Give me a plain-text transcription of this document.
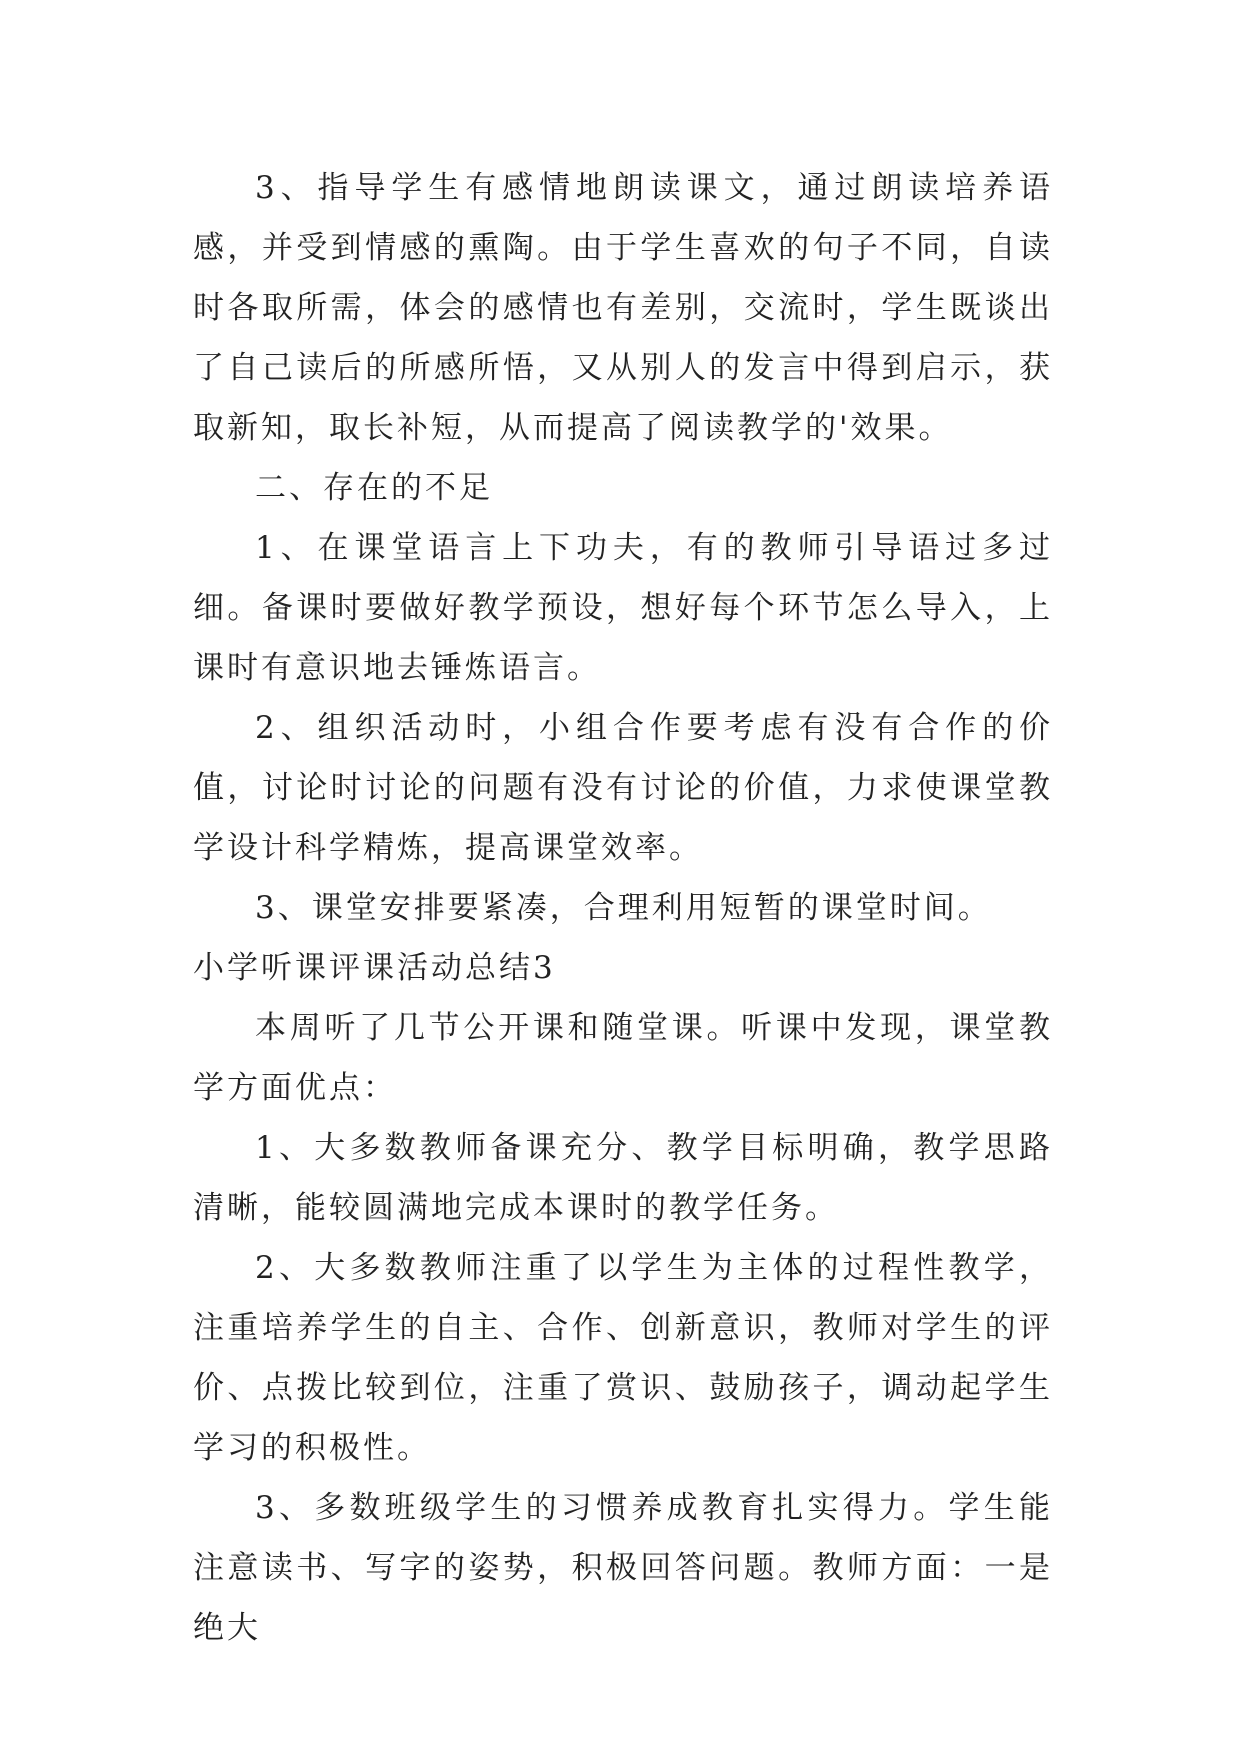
3、指导学生有感情地朗读课文，通过朗读培养语感，并受到情感的熏陶。由于学生喜欢的句子不同，自读时各取所需，体会的感情也有差别，交流时，学生既谈出了自己读后的所感所悟，又从别人的发言中得到启示，获取新知，取长补短，从而提高了阅读教学的'效果。

二、存在的不足

1、在课堂语言上下功夫，有的教师引导语过多过细。备课时要做好教学预设，想好每个环节怎么导入，上课时有意识地去锤炼语言。

2、组织活动时，小组合作要考虑有没有合作的价值，讨论时讨论的问题有没有讨论的价值，力求使课堂教学设计科学精炼，提高课堂效率。

3、课堂安排要紧凑，合理利用短暂的课堂时间。

小学听课评课活动总结3

本周听了几节公开课和随堂课。听课中发现，课堂教学方面优点：

1、大多数教师备课充分、教学目标明确，教学思路清晰，能较圆满地完成本课时的教学任务。

2、大多数教师注重了以学生为主体的过程性教学，注重培养学生的自主、合作、创新意识，教师对学生的评价、点拨比较到位，注重了赏识、鼓励孩子，调动起学生学习的积极性。

3、多数班级学生的习惯养成教育扎实得力。学生能注意读书、写字的姿势，积极回答问题。教师方面：一是绝大
